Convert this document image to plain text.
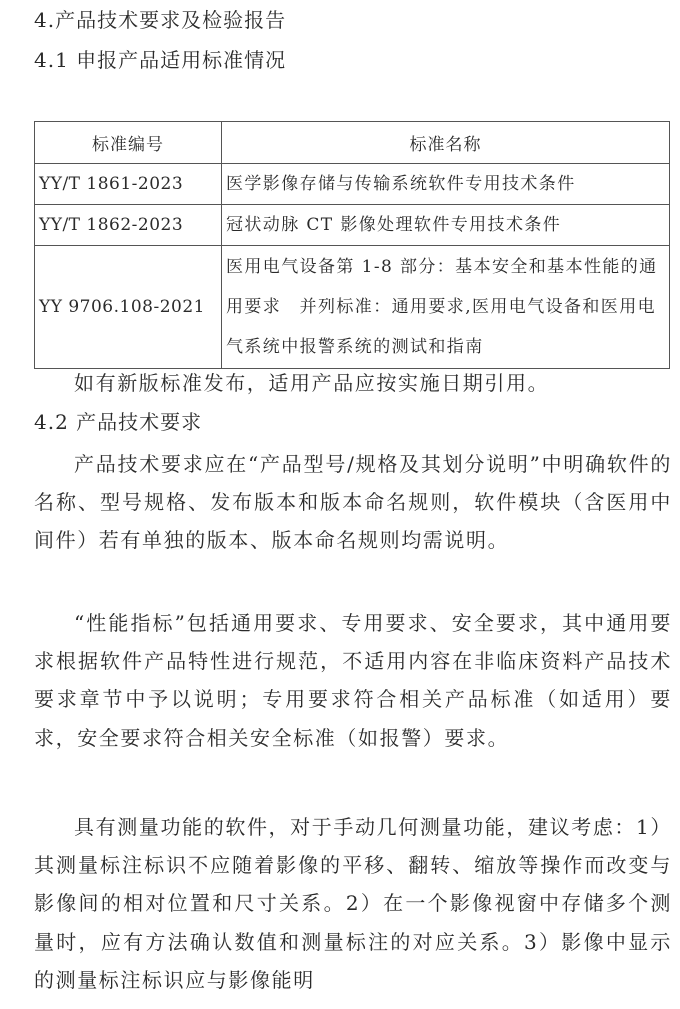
4.产品技术要求及检验报告
4.1 申报产品适用标准情况
标准编号	标准名称
YY/T 1861-2023	医学影像存储与传输系统软件专用技术条件
YY/T 1862-2023	冠状动脉 CT 影像处理软件专用技术条件
YY 9706.108-2021	医用电气设备第 1-8 部分：基本安全和基本性能的通用要求　并列标准：通用要求,医用电气设备和医用电气系统中报警系统的测试和指南

如有新版标准发布，适用产品应按实施日期引用。

4.2 产品技术要求

产品技术要求应在“产品型号/规格及其划分说明”中明确软件的名称、型号规格、发布版本和版本命名规则，软件模块（含医用中间件）若有单独的版本、版本命名规则均需说明。

“性能指标”包括通用要求、专用要求、安全要求，其中通用要求根据软件产品特性进行规范，不适用内容在非临床资料产品技术要求章节中予以说明；专用要求符合相关产品标准（如适用）要求，安全要求符合相关安全标准（如报警）要求。

具有测量功能的软件，对于手动几何测量功能，建议考虑：1）其测量标注标识不应随着影像的平移、翻转、缩放等操作而改变与影像间的相对位置和尺寸关系。2）在一个影像视窗中存储多个测量时，应有方法确认数值和测量标注的对应关系。3）影像中显示的测量标注标识应与影像能明
